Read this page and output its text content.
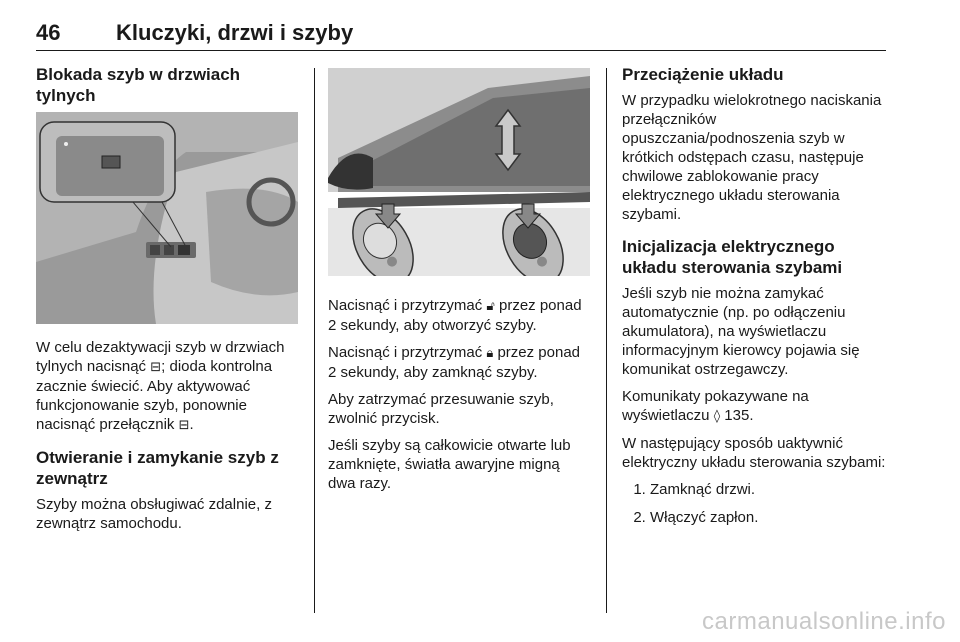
46	Kluczyki, drzwi i szyby
Blokada szyb w drzwiach tylnych

W celu dezaktywacji szyb w drzwiach tylnych nacisnąć ⊟; dioda kontrolna zacznie świecić. Aby aktywować funkcjonowanie szyb, ponownie nacisnąć przełącznik ⊟.

Otwieranie i zamykanie szyb z zewnątrz

Szyby można obsługiwać zdalnie, z zewnątrz samochodu.

Nacisnąć i przytrzymać 🔓︎ przez ponad 2 sekundy, aby otworzyć szyby.

Nacisnąć i przytrzymać 🔒︎ przez ponad 2 sekundy, aby zamknąć szyby.

Aby zatrzymać przesuwanie szyb, zwolnić przycisk.

Jeśli szyby są całkowicie otwarte lub zamknięte, światła awaryjne migną dwa razy.

Przeciążenie układu

W przypadku wielokrotnego naciskania przełączników opuszczania/podnoszenia szyb w krótkich odstępach czasu, następuje chwilowe zablokowanie pracy elektrycznego układu sterowania szybami.

Inicjalizacja elektrycznego układu sterowania szybami

Jeśli szyb nie można zamykać automatycznie (np. po odłączeniu akumulatora), na wyświetlaczu informacyjnym kierowcy pojawia się komunikat ostrzegawczy.

Komunikaty pokazywane na wyświetlaczu ◊ 135.

W następujący sposób uaktywnić elektryczny układu sterowania szybami:

1. Zamknąć drzwi.
2. Włączyć zapłon.
carmanualsonline.info
